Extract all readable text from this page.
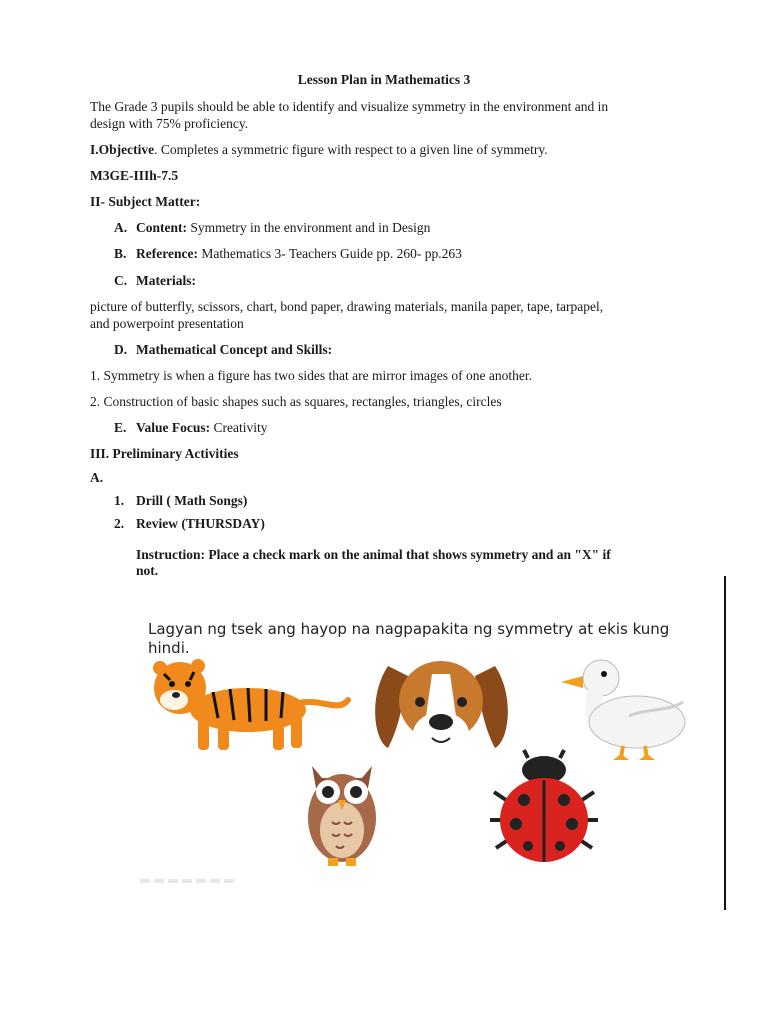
Lesson Plan in Mathematics 3
The Grade 3 pupils should be able to identify and visualize symmetry in the environment and in
design with 75% proficiency.
I.Objective. Completes a symmetric figure with respect to a given line of symmetry.
M3GE-IIIh-7.5
II- Subject Matter:
A. Content: Symmetry in the environment and in Design
B. Reference: Mathematics 3- Teachers Guide pp. 260- pp.263
C. Materials:
picture of butterfly, scissors, chart, bond paper, drawing materials, manila paper, tape, tarpapel,
and powerpoint presentation
D. Mathematical Concept and Skills:
1. Symmetry is when a figure has two sides that are mirror images of one another.
2. Construction of basic shapes such as squares, rectangles, triangles, circles
E. Value Focus: Creativity
III. Preliminary Activities
A.
1. Drill ( Math Songs)
2. Review (THURSDAY)
Instruction: Place a check mark on the animal that shows symmetry and an "X" if
not.
Lagyan ng tsek ang hayop na nagpapakita ng symmetry at ekis kung hindi.
